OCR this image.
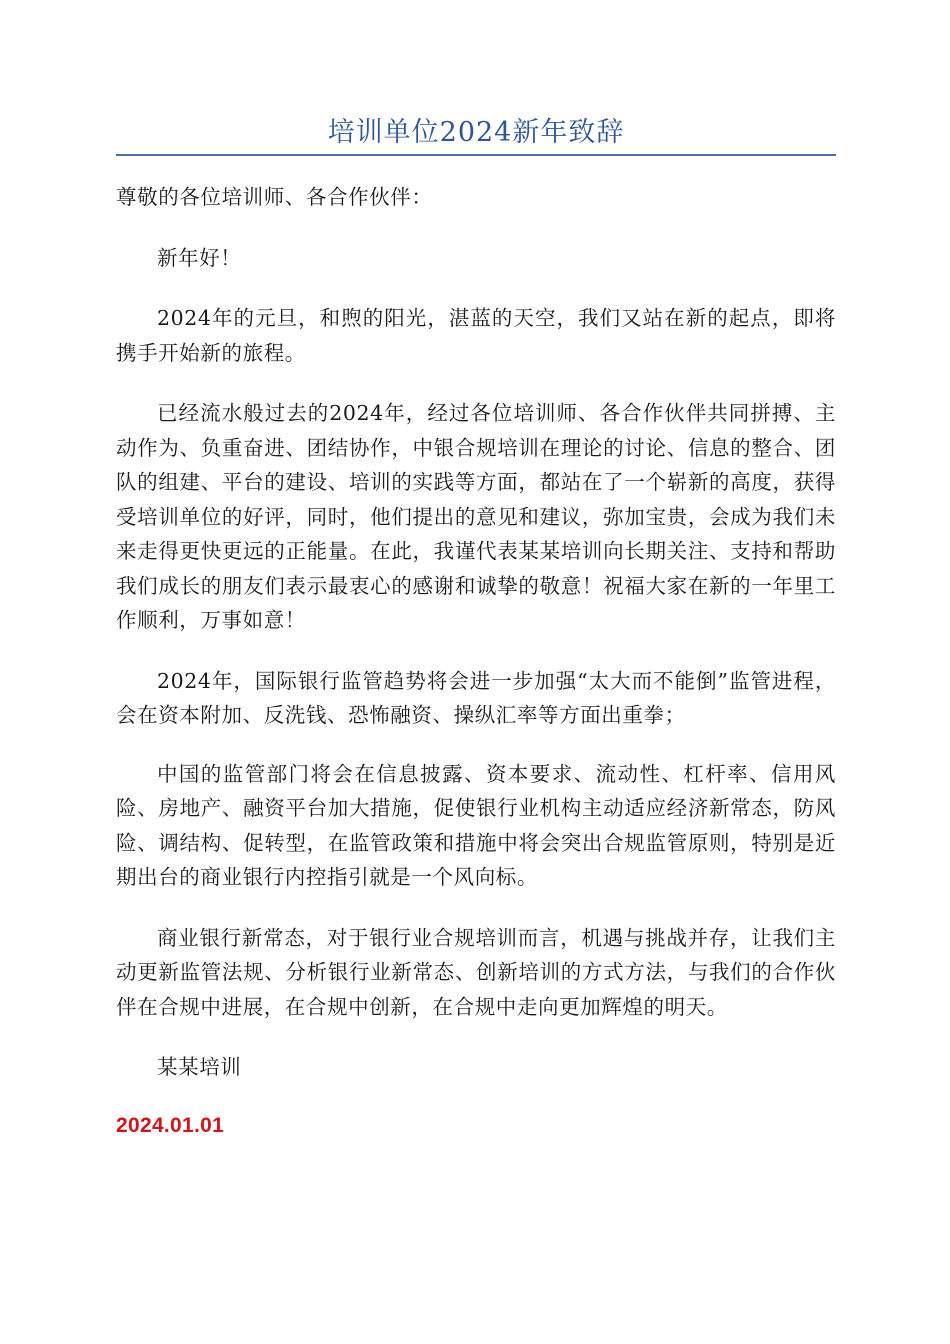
培训单位2024新年致辞

尊敬的各位培训师、各合作伙伴：

新年好！

2024年的元旦，和煦的阳光，湛蓝的天空，我们又站在新的起点，即将携手开始新的旅程。

已经流水般过去的2024年，经过各位培训师、各合作伙伴共同拼搏、主动作为、负重奋进、团结协作，中银合规培训在理论的讨论、信息的整合、团队的组建、平台的建设、培训的实践等方面，都站在了一个崭新的高度，获得受培训单位的好评，同时，他们提出的意见和建议，弥加宝贵，会成为我们未来走得更快更远的正能量。在此，我谨代表某某培训向长期关注、支持和帮助我们成长的朋友们表示最衷心的感谢和诚挚的敬意！祝福大家在新的一年里工作顺利，万事如意！

2024年，国际银行监管趋势将会进一步加强“太大而不能倒”监管进程，会在资本附加、反洗钱、恐怖融资、操纵汇率等方面出重拳；

中国的监管部门将会在信息披露、资本要求、流动性、杠杆率、信用风险、房地产、融资平台加大措施，促使银行业机构主动适应经济新常态，防风险、调结构、促转型，在监管政策和措施中将会突出合规监管原则，特别是近期出台的商业银行内控指引就是一个风向标。

商业银行新常态，对于银行业合规培训而言，机遇与挑战并存，让我们主动更新监管法规、分析银行业新常态、创新培训的方式方法，与我们的合作伙伴在合规中进展，在合规中创新，在合规中走向更加辉煌的明天。

某某培训

2024.01.01
